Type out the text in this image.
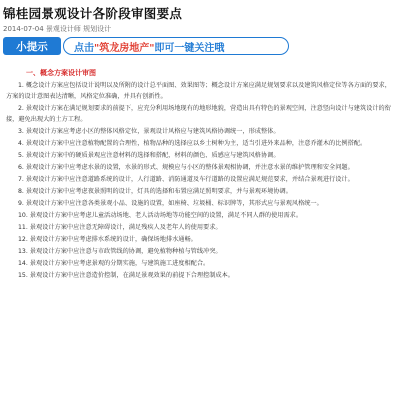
锦桂园景观设计各阶段审图要点
2014-07-04 景观设计师 规划设计
小提示	点击 "筑龙房地产" 即可一键关注哦
一、概念方案设计审图

1. 概念设计方案应包括设计说明以及所附的设计总平面图、效果图等；概念设计方案应满足规划要求以及建筑风格定位等各方面的要求，方案的设计意图表达清晰，风格定位准确，并具有创新性。

2. 景观设计方案在满足规划要求的前提下，应充分利用场地现有的地形地貌，营造出具有特色的景观空间，注意竖向设计与建筑设计的衔接，避免出现大的土方工程。

3. 景观设计方案应考虑小区的整体风格定位，景观设计风格应与建筑风格协调统一，形成整体。

4. 景观设计方案中应注意植物配置的合理性，植物品种的选择应以乡土树种为主，适当引进外来品种，注意乔灌木的比例搭配。

5. 景观设计方案中的硬质景观应注意材料的选择和搭配，材料的颜色、质感应与建筑风格协调。

6. 景观设计方案中应考虑水景的设置，水景的形式、规模应与小区的整体景观相协调，并注意水景的维护管理和安全问题。

7. 景观设计方案中应注意道路系统的设计，人行道路、消防通道及车行道路的设置应满足规范要求，并结合景观进行设计。

8. 景观设计方案中应考虑夜景照明的设计，灯具的选择和布置应满足照明要求，并与景观环境协调。

9. 景观设计方案中应注意各类景观小品、设施的设置，如座椅、垃圾桶、标识牌等，其形式应与景观风格统一。

10. 景观设计方案中应考虑儿童活动场地、老人活动场地等功能空间的设置，满足不同人群的使用需求。

11. 景观设计方案中应注意无障碍设计，满足残疾人及老年人的使用要求。

12. 景观设计方案中应考虑排水系统的设计，确保场地排水通畅。

13. 景观设计方案中应注意与市政管线的协调，避免植物种植与管线冲突。

14. 景观设计方案中应考虑景观的分期实施，与建筑施工进度相配合。

15. 景观设计方案中应注意造价控制，在满足景观效果的前提下合理控制成本。
